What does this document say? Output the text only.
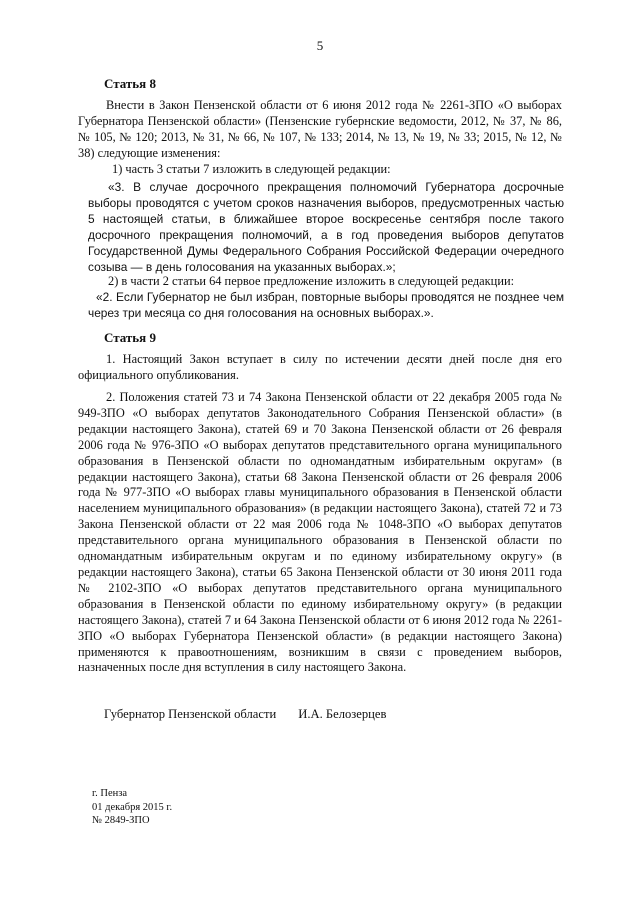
5
Статья 8
Внести в Закон Пензенской области от 6 июня 2012 года № 2261-ЗПО «О выборах Губернатора Пензенской области» (Пензенские губернские ведомости, 2012, № 37, № 86, № 105, № 120; 2013, № 31, № 66, № 107, № 133; 2014, № 13, № 19, № 33; 2015, № 12, № 38) следующие изменения:
1) часть 3 статьи 7 изложить в следующей редакции:
«3. В случае досрочного прекращения полномочий Губернатора досрочные выборы проводятся с учетом сроков назначения выборов, предусмотренных частью 5 настоящей статьи, в ближайшее второе воскресенье сентября после такого досрочного прекращения полномочий, а в год проведения выборов депутатов Государственной Думы Федерального Собрания Российской Федерации очередного созыва — в день голосования на указанных выборах.»;
2) в части 2 статьи 64 первое предложение изложить в следующей редакции:
«2. Если Губернатор не был избран, повторные выборы проводятся не позднее чем через три месяца со дня голосования на основных выборах.».
Статья 9
1. Настоящий Закон вступает в силу по истечении десяти дней после дня его официального опубликования.
2. Положения статей 73 и 74 Закона Пензенской области от 22 декабря 2005 года № 949-ЗПО «О выборах депутатов Законодательного Собрания Пензенской области» (в редакции настоящего Закона), статей 69 и 70 Закона Пензенской области от 26 февраля 2006 года № 976-ЗПО «О выборах депутатов представительного органа муниципального образования в Пензенской области по одномандатным избирательным округам» (в редакции настоящего Закона), статьи 68 Закона Пензенской области от 26 февраля 2006 года № 977-ЗПО «О выборах главы муниципального образования в Пензенской области населением муниципального образования» (в редакции настоящего Закона), статей 72 и 73 Закона Пензенской области от 22 мая 2006 года № 1048-ЗПО «О выборах депутатов представительного органа муниципального образования в Пензенской области по одномандатным избирательным округам и по единому избирательному округу» (в редакции настоящего Закона), статьи 65 Закона Пензенской области от 30 июня 2011 года № 2102-ЗПО «О выборах депутатов представительного органа муниципального образования в Пензенской области по единому избирательному округу» (в редакции настоящего Закона), статей 7 и 64 Закона Пензенской области от 6 июня 2012 года № 2261-ЗПО «О выборах Губернатора Пензенской области» (в редакции настоящего Закона) применяются к правоотношениям, возникшим в связи с проведением выборов, назначенных после дня вступления в силу настоящего Закона.
Губернатор Пензенской области И.А. Белозерцев
г. Пенза
01 декабря 2015 г.
№ 2849-ЗПО
